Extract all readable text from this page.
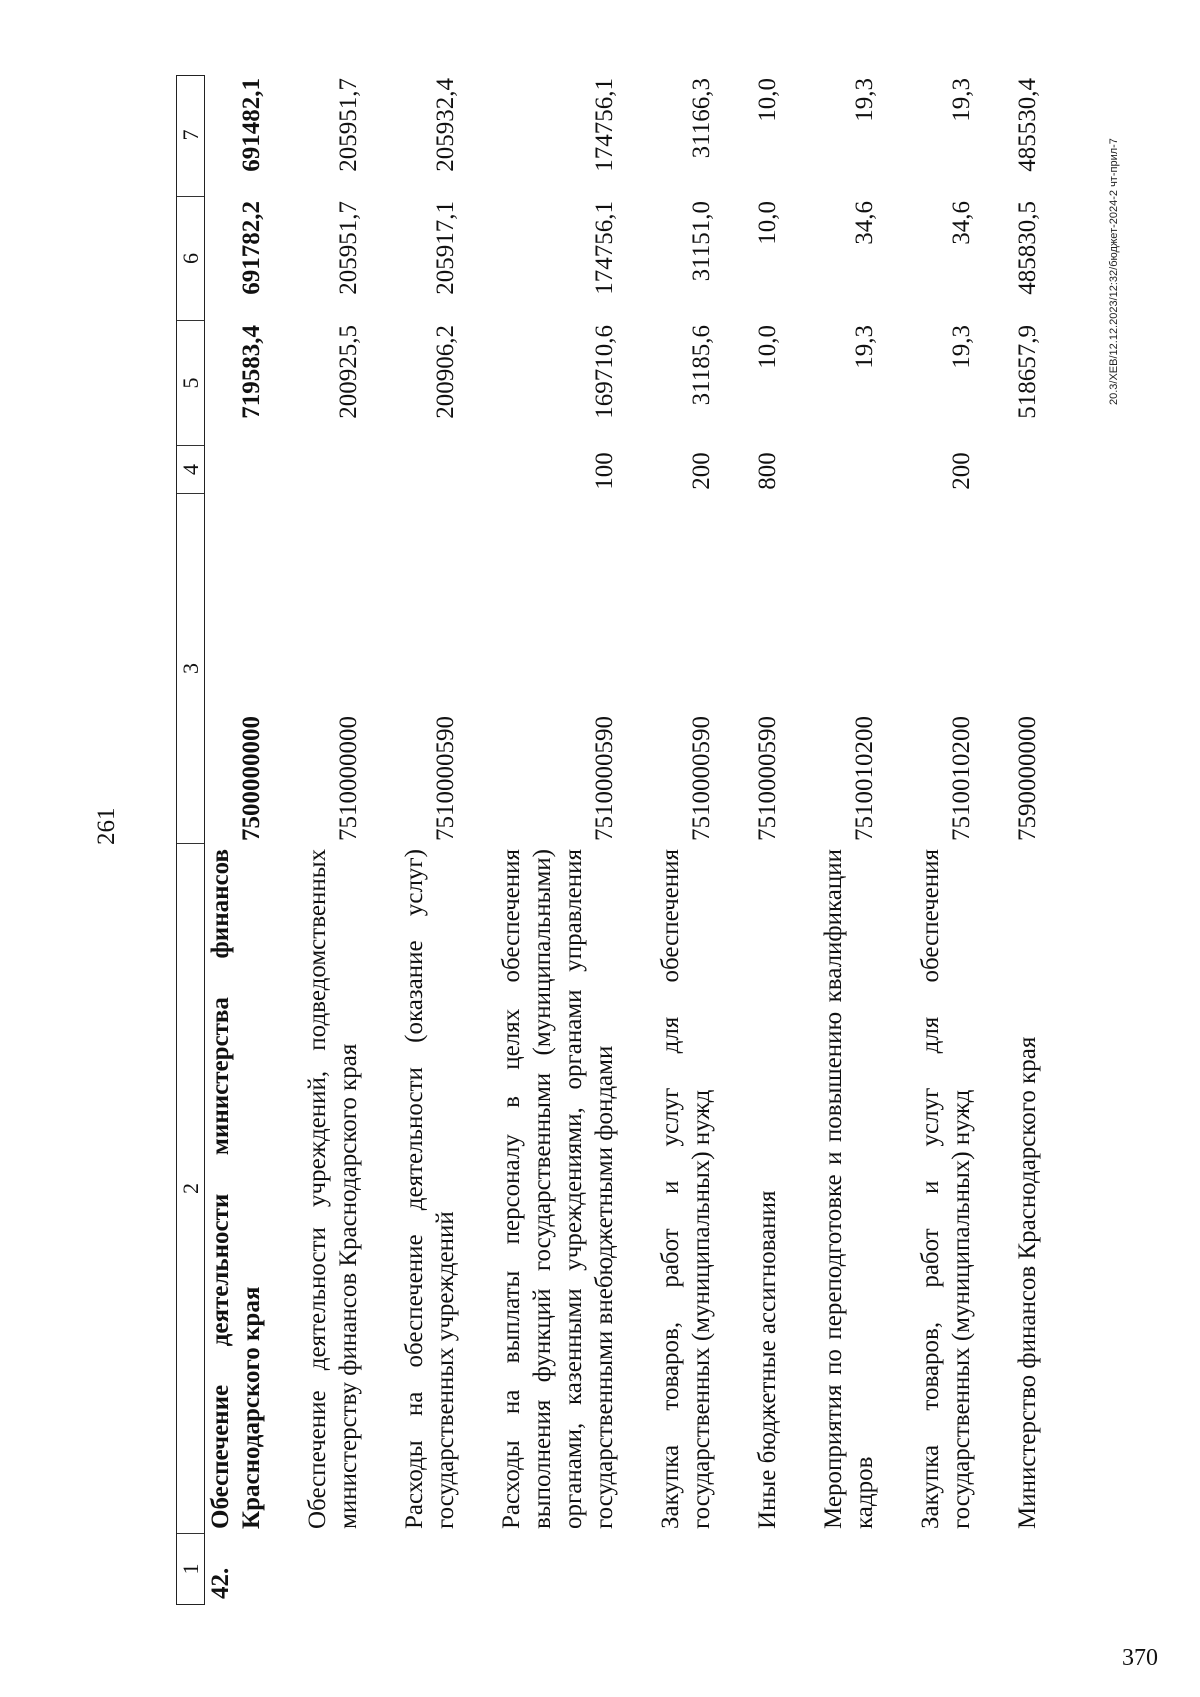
261
1
2
3
4
5
6
7
42.
Обеспечение деятельности министерства финансов Краснодарского края
7500000000
719583,4
691782,2
691482,1
Обеспечение деятельности учреждений, подведомственных министерству финансов Краснодарского края
7510000000
200925,5
205951,7
205951,7
Расходы на обеспечение деятельности (оказание услуг) государственных учреждений
7510000590
200906,2
205917,1
205932,4
Расходы на выплаты персоналу в целях обеспечения выполнения функций государственными (муниципальными) органами, казенными учреждениями, органами управления государственными внебюджетными фондами
7510000590
100
169710,6
174756,1
174756,1
Закупка товаров, работ и услуг для обеспечения государственных (муниципальных) нужд
7510000590
200
31185,6
31151,0
31166,3
Иные бюджетные ассигнования
7510000590
800
10,0
10,0
10,0
Мероприятия по переподготовке и повышению квалификации кадров
7510010200
19,3
34,6
19,3
Закупка товаров, работ и услуг для обеспечения государственных (муниципальных) нужд
7510010200
200
19,3
34,6
19,3
Министерство финансов Краснодарского края
7590000000
518657,9
485830,5
485530,4
20.3/XEB/12.12.2023/12:32/бюджет-2024-2 чт-прил-7
370
